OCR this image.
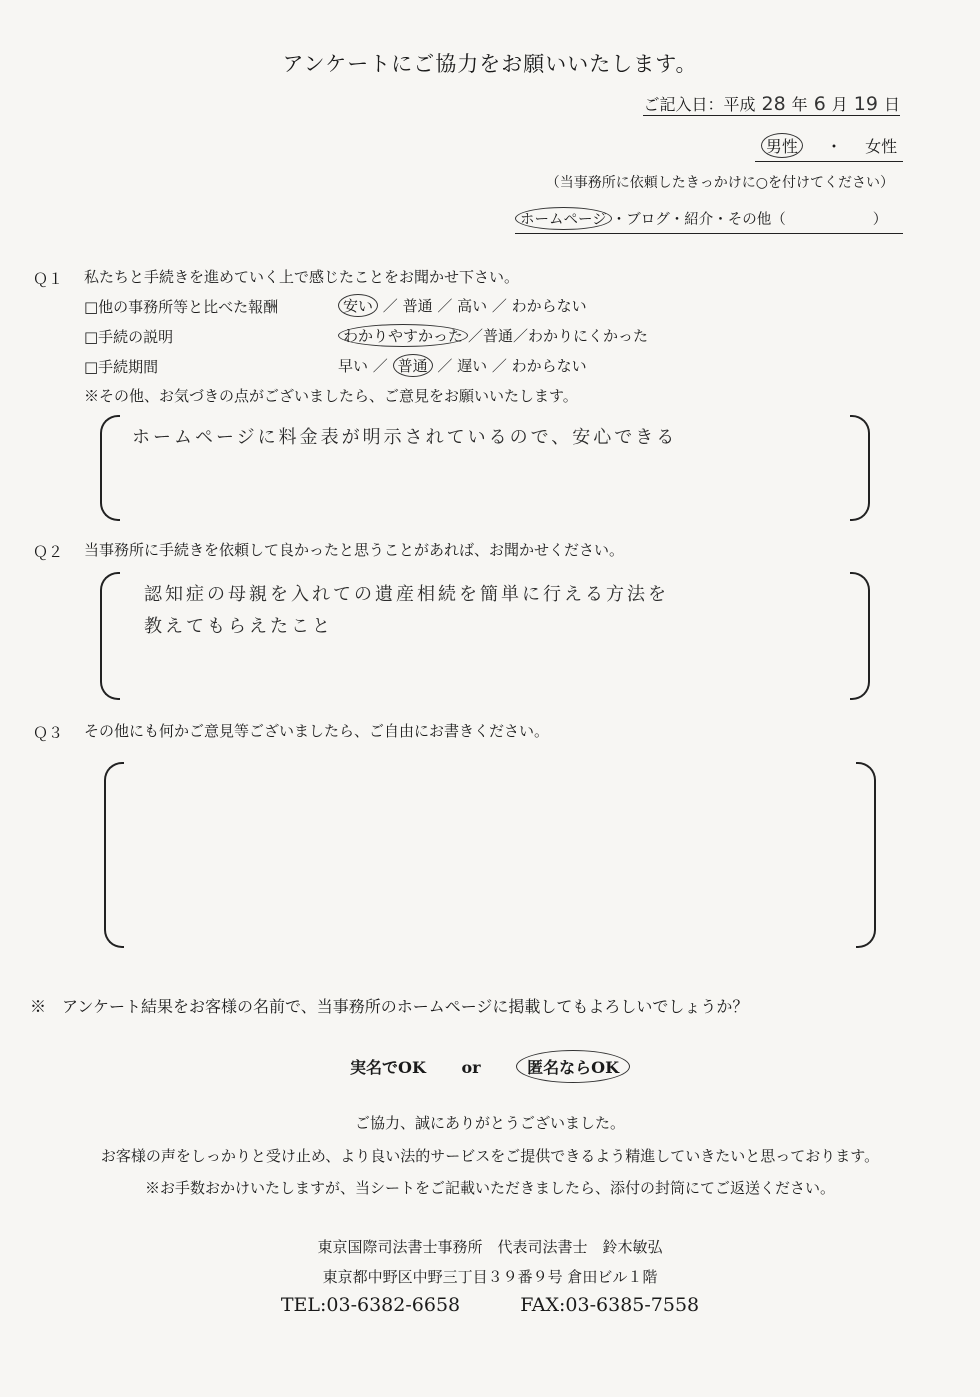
アンケートにご協力をお願いいたします。
ご記入日：平成 28 年 6 月 19 日
男性 ・ 女性
（当事務所に依頼したきっかけに○を付けてください）
ホームページ ・ブログ・紹介・その他（　　　　　　）
Ｑ１ 私たちと手続きを進めていく上で感じたことをお聞かせ下さい。
□他の事務所等と比べた報酬	安い ／ 普通 ／ 高い ／ わからない
□手続の説明	わかりやすかった ／普通／わかりにくかった
□手続期間	早い ／ 普通 ／ 遅い ／ わからない
※その他、お気づきの点がございましたら、ご意見をお願いいたします。
ホームページに料金表が明示されているので、安心できる
Ｑ２ 当事務所に手続きを依頼して良かったと思うことがあれば、お聞かせください。
認知症の母親を入れての遺産相続を簡単に行える方法を
教えてもらえたこと
Ｑ３ その他にも何かご意見等ございましたら、ご自由にお書きください。
※　アンケート結果をお客様の名前で、当事務所のホームページに掲載してもよろしいでしょうか？
実名でOK or	匿名ならOK
ご協力、誠にありがとうございました。
お客様の声をしっかりと受け止め、より良い法的サービスをご提供できるよう精進していきたいと思っております。
※お手数おかけいたしますが、当シートをご記載いただきましたら、添付の封筒にてご返送ください。
東京国際司法書士事務所　代表司法書士　鈴木敏弘
東京都中野区中野三丁目３９番９号 倉田ビル１階
TEL:03-6382-6658	FAX:03-6385-7558
